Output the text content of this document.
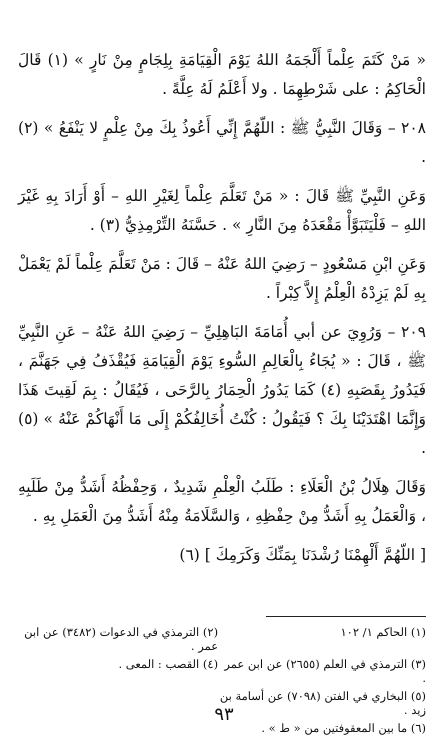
« مَنْ كَتَمَ عِلْماً أَلْجَمَهُ اللهُ يَوْمَ الْقِيَامَةِ بِلِجَامٍ مِنْ نَارٍ » (١) قَالَ الْحَاكِمُ : على شَرْطِهِمَا . ولا أَعْلَمُ لَهُ عِلَّةً .

٢٠٨ – وَقَالَ النَّبِيُّ ﷺ : اللّهُمَّ إِنِّي أَعُوذُ بِكَ مِنْ عِلْمٍ لا يَنْفَعُ » (٢) .

وَعَنِ النَّبِيِّ ﷺ قَالَ : « مَنْ تَعَلَّمَ عِلْماً لِغَيْرِ اللهِ – أَوْ أَرَادَ بِهِ غَيْرَ اللهِ – فَلْيَتَبَوَّأْ مَقْعَدَهُ مِنَ النَّارِ » . حَسَّنَهُ التِّرْمِذِيُّ (٣) .

وَعَنِ ابْنِ مَسْعُودٍ – رَضِيَ اللهُ عَنْهُ – قَالَ : مَنْ تَعَلَّمَ عِلْماً لَمْ يَعْمَلْ بِهِ لَمْ يَزِدْهُ الْعِلْمُ إِلاَّ كِبْراً .

٢٠٩ – وَرُوِيَ عن أبي أُمَامَةَ البَاهِلِيِّ – رَضِيَ اللهُ عَنْهُ – عَنِ النَّبِيِّ ﷺ ، قَالَ : « يُجَاءُ بِالْعَالِمِ السُّوءِ يَوْمَ الْقِيَامَةِ فَيُقْذَفُ فِي جَهَنَّمَ ، فَيَدُورُ بِقَصَبِهِ (٤) كَمَا يَدُورُ الْحِمَارُ بِالرَّحَى ، فَيُقَالُ : بِمَ لَقِيتَ هَذَا وَإِنَّمَا اهْتَدَيْنَا بِكَ ؟ فَيَقُولُ : كُنْتُ أُخَالِفُكُمْ إِلَى مَا أَنْهَاكُمْ عَنْهُ » (٥) .

وَقَالَ هِلَالُ بْنُ الْعَلَاءِ : طَلَبُ الْعِلْمِ شَدِيدٌ ، وَحِفْظُهُ أَشَدُّ مِنْ طَلَبِهِ ، وَالْعَمَلُ بِهِ أَشَدُّ مِنْ حِفْظِهِ ، وَالسَّلَامَةُ مِنْهُ أَشَدُّ مِنَ الْعَمَلِ بِهِ .

[ اللّهُمَّ أَلْهِمْنَا رُشْدَنَا بِمَنِّكَ وَكَرَمِكَ ] (٦)

(١) الحاكم ١/ ١٠٢	(٢) الترمذي في الدعوات (٣٤٨٢) عن ابن عمر .
(٣) الترمذي في العلم (٢٦٥٥) عن ابن عمر .	(٤) القصب : المعى .
(٥) البخاري في الفتن (٧٠٩٨) عن أسامة بن زيد .	
(٦) ما بين المعقوفتين من « ط » .	
٩٣
